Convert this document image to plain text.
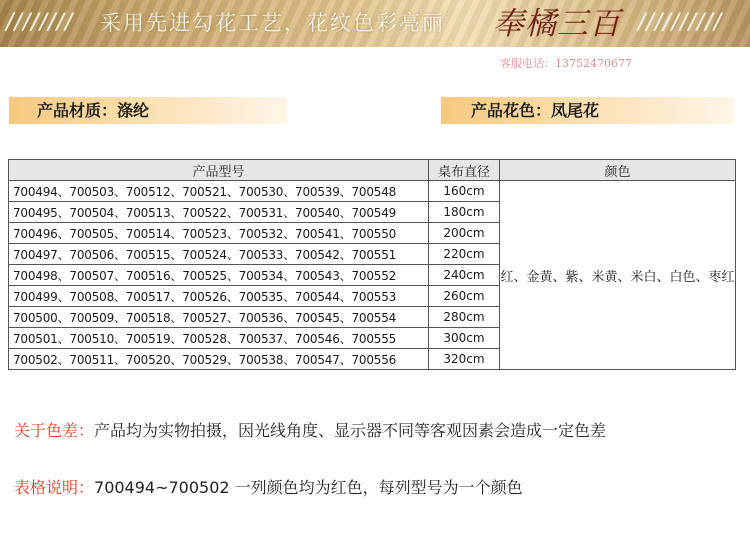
//////// 采用先进勾花工艺，花纹色彩亮丽 奉橘三百 //////////
客服电话：13752470677
产品材质：涤纶	产品花色：凤尾花
产品型号	桌布直径	颜色
700494、700503、700512、700521、700530、700539、700548	160cm	红、金黄、紫、米黄、米白、白色、枣红
700495、700504、700513、700522、700531、700540、700549	180cm	
700496、700505、700514、700523、700532、700541、700550	200cm	
700497、700506、700515、700524、700533、700542、700551	220cm	
700498、700507、700516、700525、700534、700543、700552	240cm	
700499、700508、700517、700526、700535、700544、700553	260cm	
700500、700509、700518、700527、700536、700545、700554	280cm	
700501、700510、700519、700528、700537、700546、700555	300cm	
700502、700511、700520、700529、700538、700547、700556	320cm	
关于色差：产品均为实物拍摄，因光线角度、显示器不同等客观因素会造成一定色差
表格说明：700494~700502 一列颜色均为红色，每列型号为一个颜色
